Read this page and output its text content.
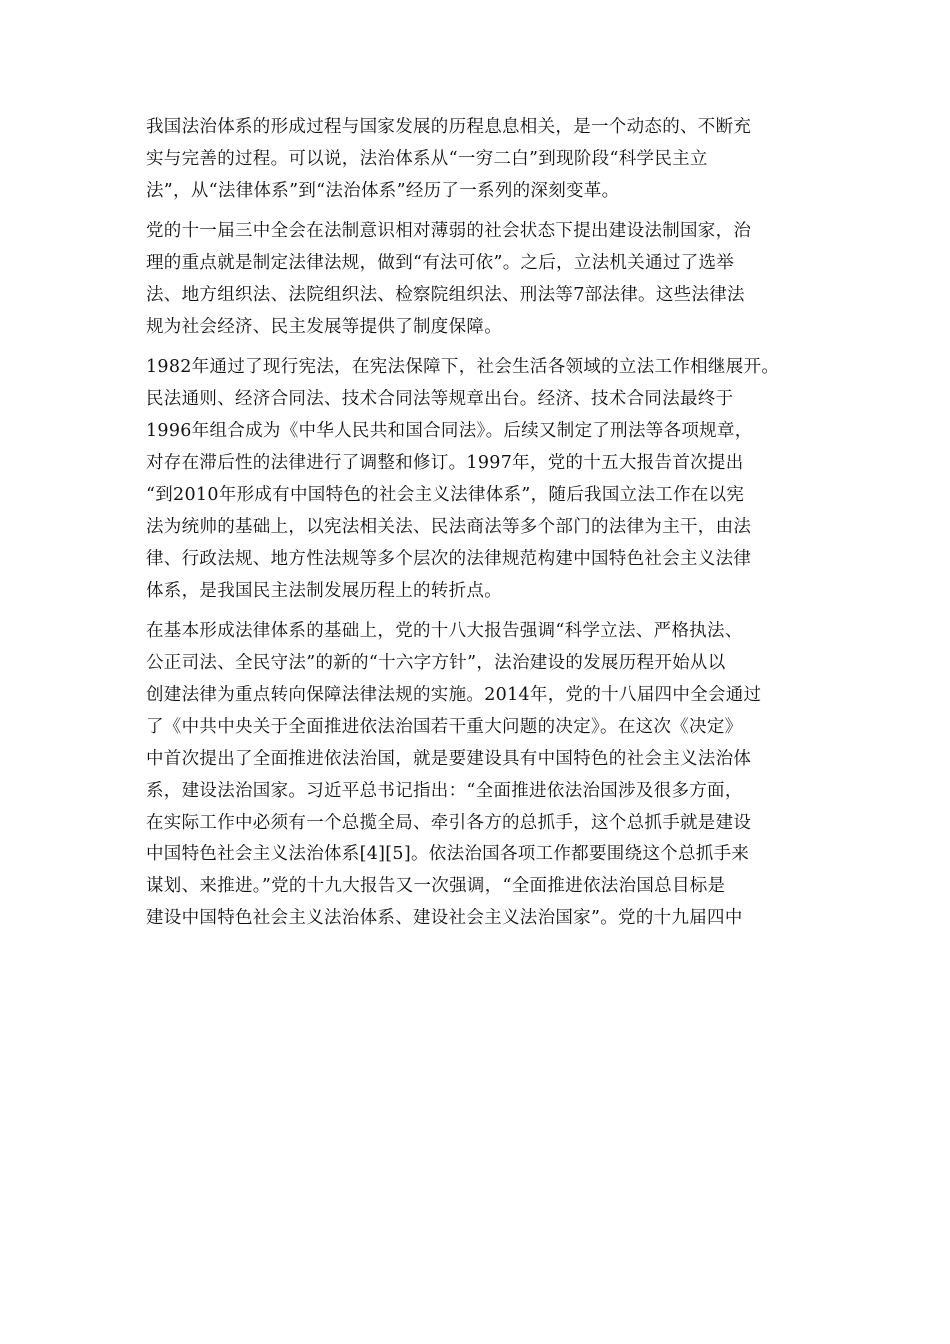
我国法治体系的形成过程与国家发展的历程息息相关，是一个动态的、不断充
实与完善的过程。可以说，法治体系从“一穷二白”到现阶段“科学民主立
法”，从“法律体系”到“法治体系”经历了一系列的深刻变革。
党的十一届三中全会在法制意识相对薄弱的社会状态下提出建设法制国家，治
理的重点就是制定法律法规，做到“有法可依”。之后，立法机关通过了选举
法、地方组织法、法院组织法、检察院组织法、刑法等7部法律。这些法律法
规为社会经济、民主发展等提供了制度保障。
1982年通过了现行宪法，在宪法保障下，社会生活各领域的立法工作相继展开。
民法通则、经济合同法、技术合同法等规章出台。经济、技术合同法最终于
1996年组合成为《中华人民共和国合同法》。后续又制定了刑法等各项规章，
对存在滞后性的法律进行了调整和修订。1997年，党的十五大报告首次提出
“到2010年形成有中国特色的社会主义法律体系”，随后我国立法工作在以宪
法为统帅的基础上，以宪法相关法、民法商法等多个部门的法律为主干，由法
律、行政法规、地方性法规等多个层次的法律规范构建中国特色社会主义法律
体系，是我国民主法制发展历程上的转折点。
在基本形成法律体系的基础上，党的十八大报告强调“科学立法、严格执法、
公正司法、全民守法”的新的“十六字方针”，法治建设的发展历程开始从以
创建法律为重点转向保障法律法规的实施。2014年，党的十八届四中全会通过
了《中共中央关于全面推进依法治国若干重大问题的决定》。在这次《决定》
中首次提出了全面推进依法治国，就是要建设具有中国特色的社会主义法治体
系，建设法治国家。习近平总书记指出：“全面推进依法治国涉及很多方面，
在实际工作中必须有一个总揽全局、牵引各方的总抓手，这个总抓手就是建设
中国特色社会主义法治体系[4][5]。依法治国各项工作都要围绕这个总抓手来
谋划、来推进。”党的十九大报告又一次强调，“全面推进依法治国总目标是
建设中国特色社会主义法治体系、建设社会主义法治国家”。党的十九届四中
